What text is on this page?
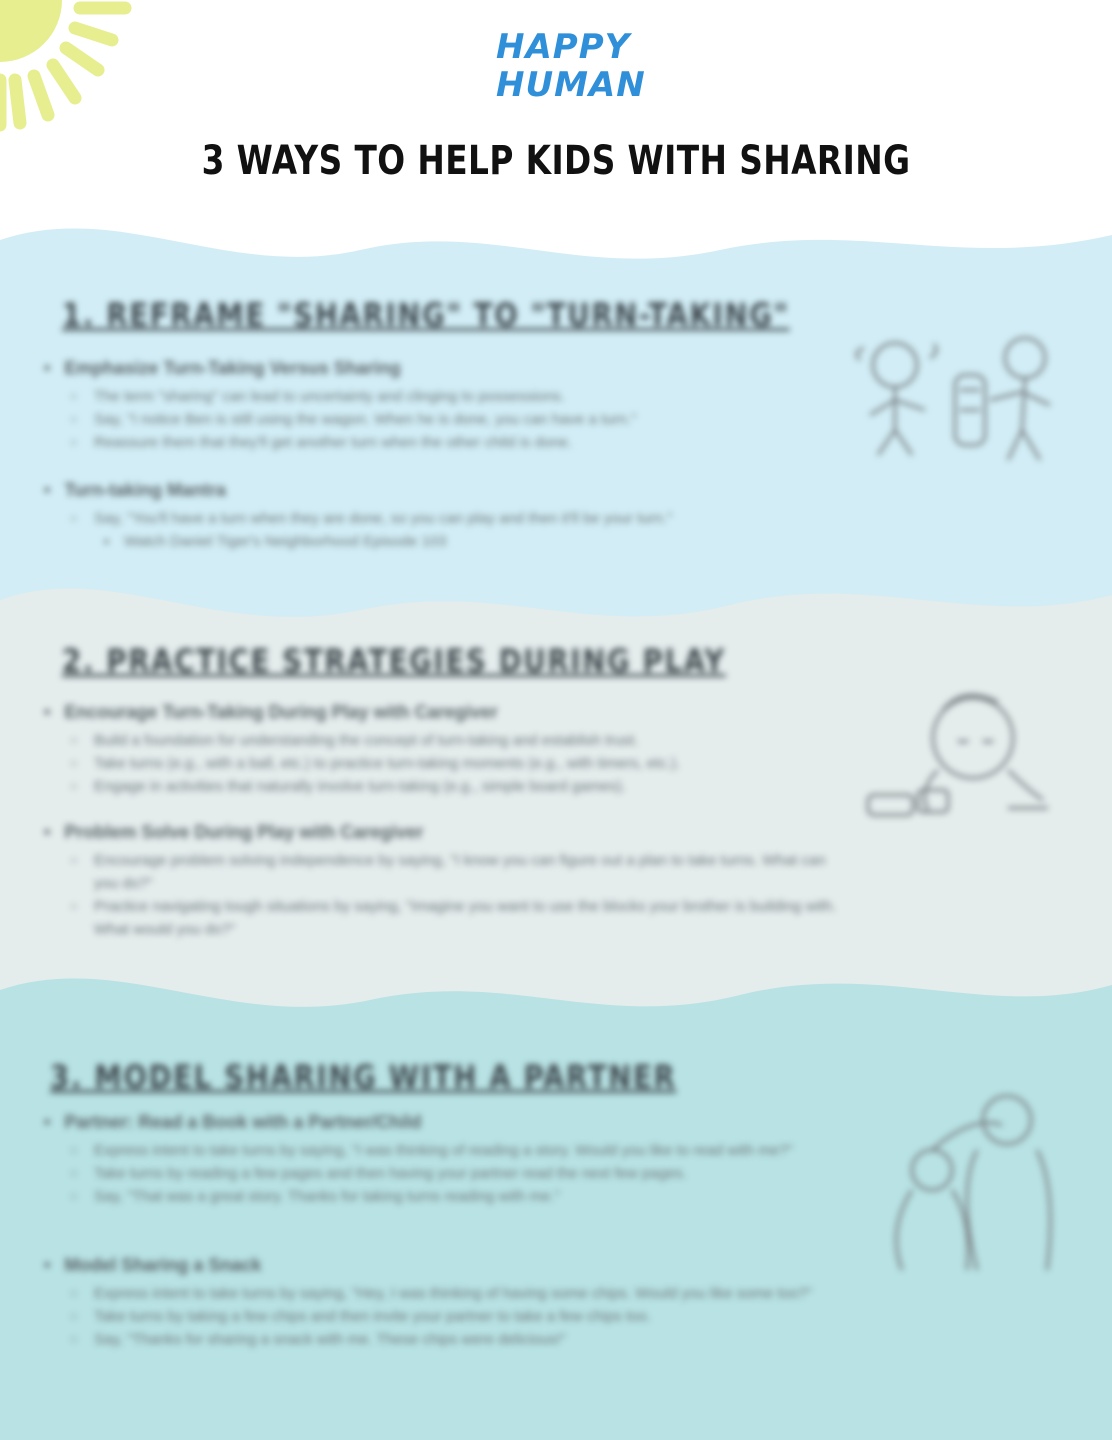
HAPPY
HUMAN
3 WAYS TO HELP KIDS WITH SHARING
1. REFRAME "SHARING" TO "TURN-TAKING"
• Emphasize Turn-Taking Versus Sharing
○ The term "sharing" can lead to uncertainty and clinging to possessions.
○ Say, "I notice Ben is still using the wagon. When he is done, you can have a turn."
○ Reassure them that they'll get another turn when the other child is done.
• Turn-taking Mantra
○ Say, "You'll have a turn when they are done, so you can play and then it'll be your turn."
■ Watch Daniel Tiger's Neighborhood Episode 103
2. PRACTICE STRATEGIES DURING PLAY
• Encourage Turn-Taking During Play with Caregiver
○ Build a foundation for understanding the concept of turn-taking and establish trust.
○ Take turns (e.g., with a ball, etc.) to practice turn-taking moments (e.g., with timers, etc.).
○ Engage in activities that naturally involve turn-taking (e.g., simple board games).
• Problem Solve During Play with Caregiver
○ Encourage problem solving independence by saying, "I know you can figure out a plan to take turns. What can you do?"
○ Practice navigating tough situations by saying, "Imagine you want to use the blocks your brother is building with. What would you do?"
3. MODEL SHARING WITH A PARTNER
• Partner: Read a Book with a Partner/Child
○ Express intent to take turns by saying, "I was thinking of reading a story. Would you like to read with me?"
○ Take turns by reading a few pages and then having your partner read the next few pages.
○ Say, "That was a great story. Thanks for taking turns reading with me."
• Model Sharing a Snack
○ Express intent to take turns by saying, "Hey, I was thinking of having some chips. Would you like some too?"
○ Take turns by taking a few chips and then invite your partner to take a few chips too.
○ Say, "Thanks for sharing a snack with me. These chips were delicious!"
